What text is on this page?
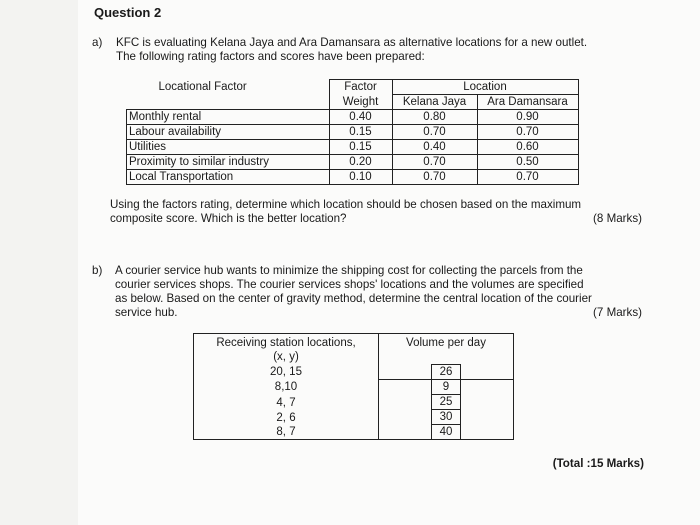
Question 2
a) KFC is evaluating Kelana Jaya and Ara Damansara as alternative locations for a new outlet.
The following rating factors and scores have been prepared:
Locational Factor	Factor	Location	
	Weight	Kelana Jaya	Ara Damansara
Monthly rental	0.40	0.80	0.90
Labour availability	0.15	0.70	0.70
Utilities	0.15	0.40	0.60
Proximity to similar industry	0.20	0.70	0.50
Local Transportation	0.10	0.70	0.70
Using the factors rating, determine which location should be chosen based on the maximum
composite score. Which is the better location?	(8 Marks)
b) A courier service hub wants to minimize the shipping cost for collecting the parcels from the
courier services shops. The courier services shops' locations and the volumes are specified
as below. Based on the center of gravity method, determine the central location of the courier
service hub.	(7 Marks)
Receiving station locations,	Volume per day
(x, y)	
20, 15	26
8,10	9
4, 7	25
2, 6	30
8, 7	40
(Total :15 Marks)
